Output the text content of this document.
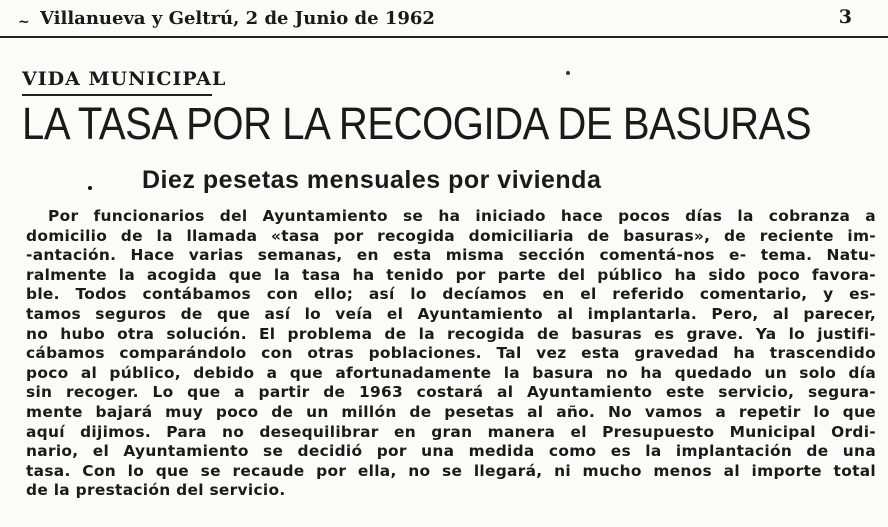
~ Villanueva y Geltrú, 2 de Junio de 1962	3
VIDA MUNICIPAL
LA TASA POR LA RECOGIDA DE BASURAS
Diez pesetas mensuales por vivienda
Por funcionarios del Ayuntamiento se ha iniciado hace pocos días la cobranza a
domicilio de la llamada «tasa por recogida domiciliaria de basuras», de reciente im-
-antación. Hace varias semanas, en esta misma sección comentá-nos e- tema. Natu-
ralmente la acogida que la tasa ha tenido por parte del público ha sido poco favora-
ble. Todos contábamos con ello; así lo decíamos en el referido comentario, y es-
tamos seguros de que así lo veía el Ayuntamiento al implantarla. Pero, al parecer,
no hubo otra solución. El problema de la recogida de basuras es grave. Ya lo justifi-
cábamos comparándolo con otras poblaciones. Tal vez esta gravedad ha trascendido
poco al público, debido a que afortunadamente la basura no ha quedado un solo día
sin recoger. Lo que a partir de 1963 costará al Ayuntamiento este servicio, segura-
mente bajará muy poco de un millón de pesetas al año. No vamos a repetir lo que
aquí dijimos. Para no desequilibrar en gran manera el Presupuesto Municipal Ordi-
nario, el Ayuntamiento se decidió por una medida como es la implantación de una
tasa. Con lo que se recaude por ella, no se llegará, ni mucho menos al importe total
de la prestación del servicio.
